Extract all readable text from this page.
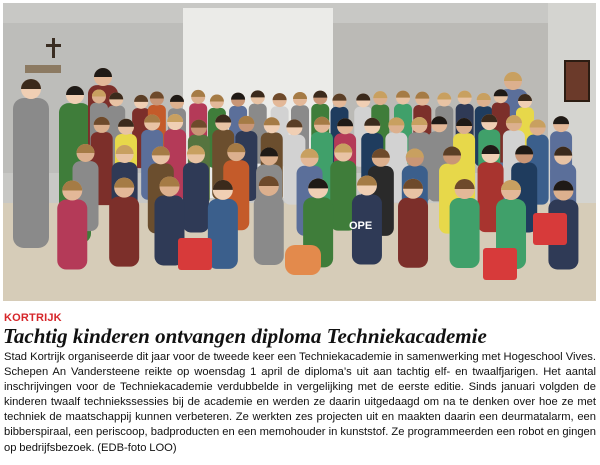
OPE
KORTRIJK
Tachtig kinderen ontvangen diploma Techniekacademie

Stad Kortrijk organiseerde dit jaar voor de tweede keer een Techniekacademie in samenwerking met Hogeschool Vives. Schepen An Vandersteene reikte op woensdag 1 april de diploma’s uit aan tachtig elf- en twaalfjarigen. Het aantal inschrijvingen voor de Techniekacademie verdubbelde in vergelijking met de eerste editie. Sinds januari volgden de kinderen twaalf techniekssessies bij de academie en werden ze daarin uitgedaagd om na te denken over hoe ze met techniek de maatschappij kunnen verbeteren. Ze werkten zes projecten uit en maakten daarin een deurmatalarm, een bibberspiraal, een periscoop, badproducten en een memohouder in kunststof. Ze programmeerden een robot en gingen op bedrijfsbezoek. (EDB-foto LOO)
